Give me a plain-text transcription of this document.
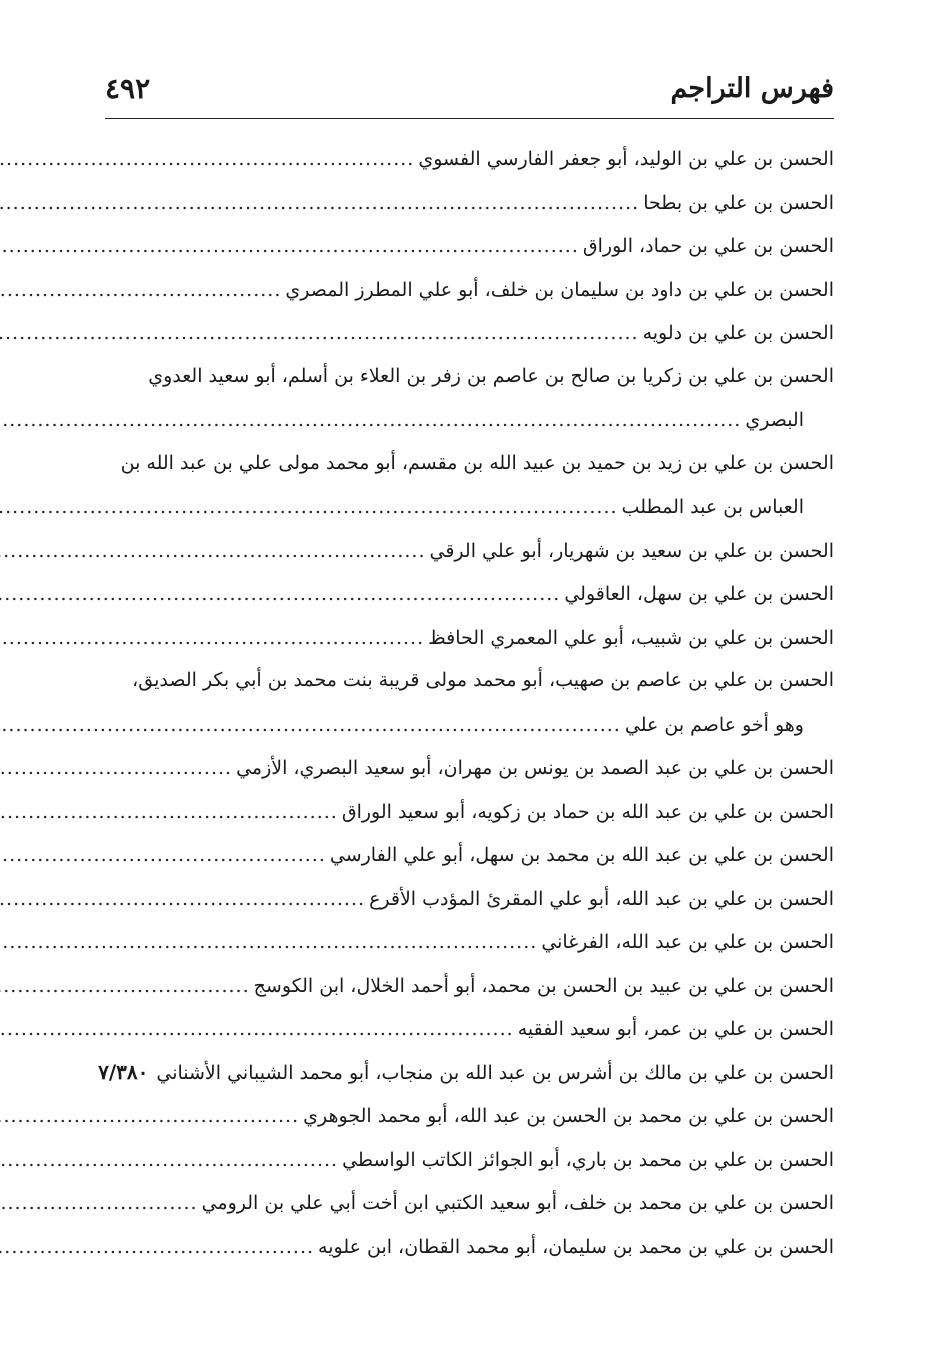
٤٩٢	فهرس التراجم
الحسن بن علي بن الوليد، أبو جعفر الفارسي الفسوي
.....
الحسن بن علي بن بطحا
.....
الحسن بن علي بن حماد، الوراق
.....
الحسن بن علي بن داود بن سليمان بن خلف، أبو علي المطرز المصري
.....
الحسن بن علي بن دلويه
.....
الحسن بن علي بن زكريا بن صالح بن عاصم بن زفر بن العلاء بن أسلم، أبو سعيد العدوي
البصري
.....
الحسن بن علي بن زيد بن حميد بن عبيد الله بن مقسم، أبو محمد مولى علي بن عبد الله بن
العباس بن عبد المطلب
.....
الحسن بن علي بن سعيد بن شهريار، أبو علي الرقي
.....
الحسن بن علي بن سهل، العاقولي
.....
الحسن بن علي بن شبيب، أبو علي المعمري الحافظ
.....
الحسن بن علي بن عاصم بن صهيب، أبو محمد مولى قريبة بنت محمد بن أبي بكر الصديق،
وهو أخو عاصم بن علي
.....
الحسن بن علي بن عبد الصمد بن يونس بن مهران، أبو سعيد البصري، الأزمي
.....
الحسن بن علي بن عبد الله بن حماد بن زكويه، أبو سعيد الوراق
.....
الحسن بن علي بن عبد الله بن محمد بن سهل، أبو علي الفارسي
.....
الحسن بن علي بن عبد الله، أبو علي المقرئ المؤدب الأقرع
.....
الحسن بن علي بن عبد الله، الفرغاني
.....
الحسن بن علي بن عبيد بن الحسن بن محمد، أبو أحمد الخلال، ابن الكوسج
.....
الحسن بن علي بن عمر، أبو سعيد الفقيه
.....
الحسن بن علي بن مالك بن أشرس بن عبد الله بن منجاب، أبو محمد الشيباني الأشناني
٧/٣٨٠
الحسن بن علي بن محمد بن الحسن بن عبد الله، أبو محمد الجوهري
.....
الحسن بن علي بن محمد بن باري، أبو الجوائز الكاتب الواسطي
.....
الحسن بن علي بن محمد بن خلف، أبو سعيد الكتبي ابن أخت أبي علي بن الرومي
.....
الحسن بن علي بن محمد بن سليمان، أبو محمد القطان، ابن علويه
.....
